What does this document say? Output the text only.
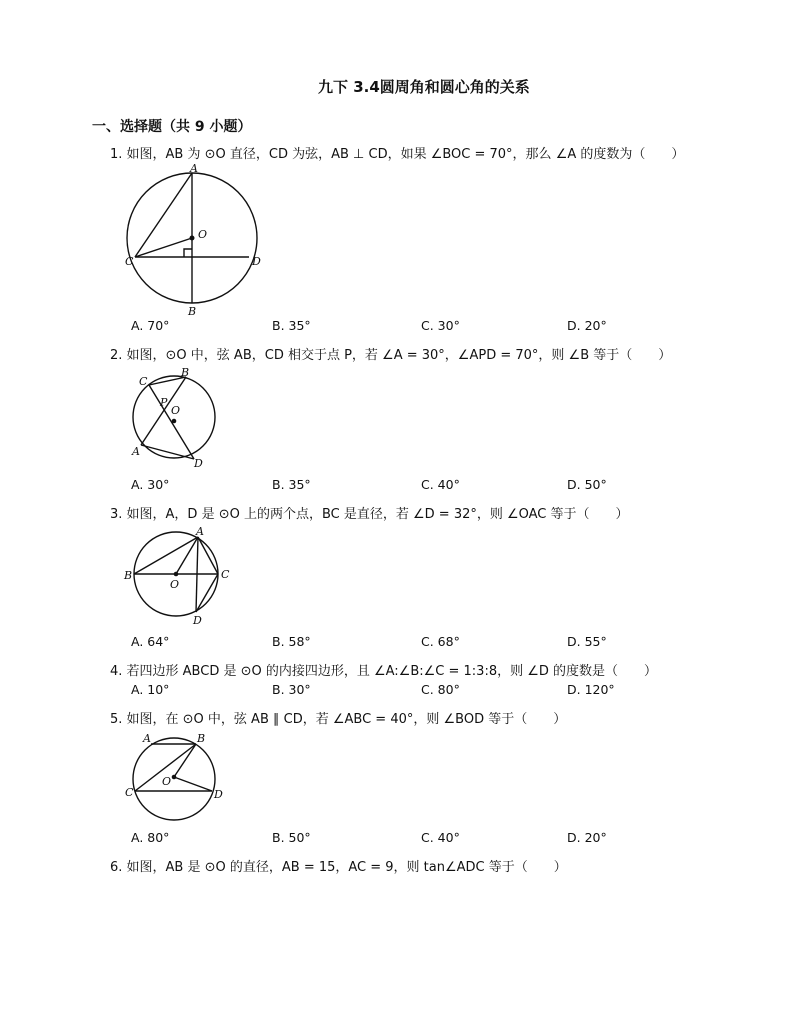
九下 3.4圆周角和圆心角的关系
一、选择题（共 9 小题）
1. 如图，AB 为 ⊙O 直径，CD 为弦，AB ⊥ CD，如果 ∠BOC = 70°，那么 ∠A 的度数为（　　）
A
O
C	D
B
A. 70°	B. 35°	C. 30°	D. 20°
2. 如图，⊙O 中，弦 AB，CD 相交于点 P，若 ∠A = 30°，∠APD = 70°，则 ∠B 等于（　　）
C
B
P
O
A
D
A. 30°	B. 35°	C. 40°	D. 50°
3. 如图，A，D 是 ⊙O 上的两个点，BC 是直径，若 ∠D = 32°，则 ∠OAC 等于（　　）
A
B
O
C
D
A. 64°	B. 58°	C. 68°	D. 55°
4. 若四边形 ABCD 是 ⊙O 的内接四边形，且 ∠A:∠B:∠C = 1:3:8，则 ∠D 的度数是（　　）
A. 10°	B. 30°	C. 80°	D. 120°
5. 如图，在 ⊙O 中，弦 AB ∥ CD，若 ∠ABC = 40°，则 ∠BOD 等于（　　）
A	B
O
C	D
A. 80°	B. 50°	C. 40°	D. 20°
6. 如图，AB 是 ⊙O 的直径，AB = 15，AC = 9，则 tan∠ADC 等于（　　）
